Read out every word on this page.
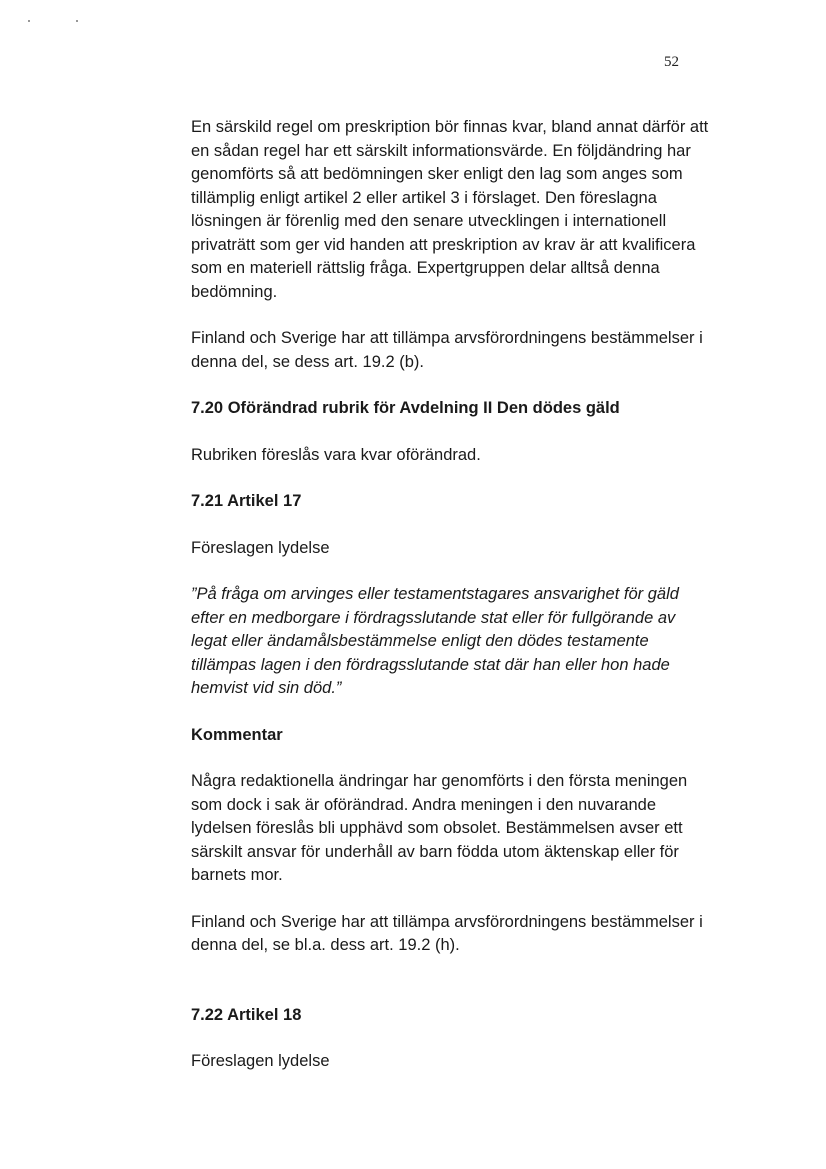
52

En särskild regel om preskription bör finnas kvar, bland annat därför att en sådan regel har ett särskilt informationsvärde. En följdändring har genomförts så att bedömningen sker enligt den lag som anges som tillämplig enligt artikel 2 eller artikel 3 i förslaget. Den föreslagna lösningen är förenlig med den senare utvecklingen i internationell privaträtt som ger vid handen att preskription av krav är att kvalificera som en materiell rättslig fråga. Expertgruppen delar alltså denna bedömning.

Finland och Sverige har att tillämpa arvsförordningens bestämmelser i denna del, se dess art. 19.2 (b).

7.20 Oförändrad rubrik för Avdelning II Den dödes gäld

Rubriken föreslås vara kvar oförändrad.

7.21 Artikel 17

Föreslagen lydelse

”På fråga om arvinges eller testamentstagares ansvarighet för gäld efter en medborgare i fördragsslutande stat eller för fullgörande av legat eller ändamålsbestämmelse enligt den dödes testamente tillämpas lagen i den fördragsslutande stat där han eller hon hade hemvist vid sin död.”

Kommentar

Några redaktionella ändringar har genomförts i den första meningen som dock i sak är oförändrad. Andra meningen i den nuvarande lydelsen föreslås bli upphävd som obsolet. Bestämmelsen avser ett särskilt ansvar för underhåll av barn födda utom äktenskap eller för barnets mor.

Finland och Sverige har att tillämpa arvsförordningens bestämmelser i denna del, se bl.a. dess art. 19.2 (h).

7.22 Artikel 18

Föreslagen lydelse
